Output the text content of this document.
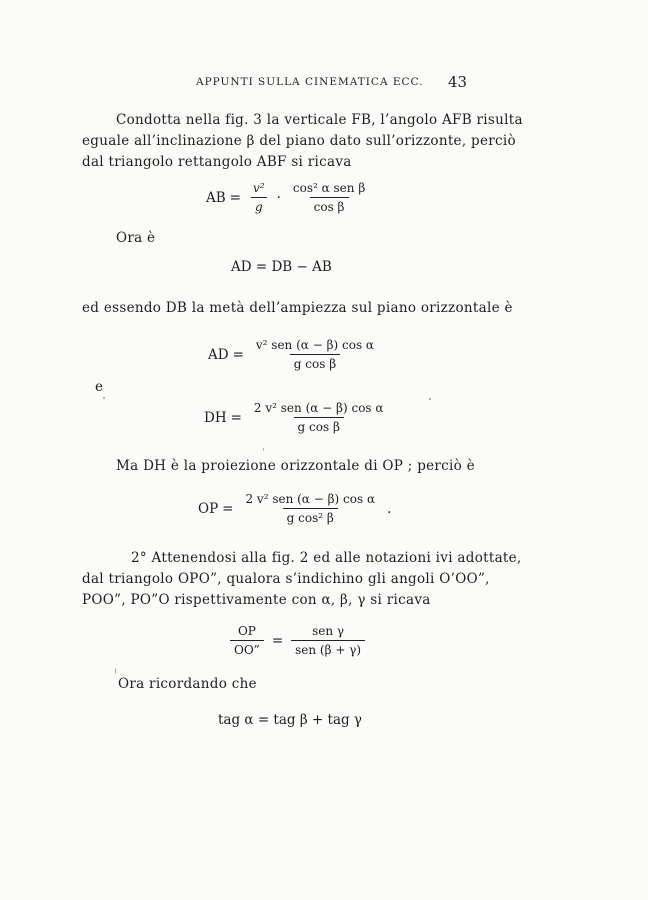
APPUNTI SULLA CINEMATICA ECC. 43
Condotta nella fig. 3 la verticale FB, l’angolo AFB risulta
eguale all’inclinazione β del piano dato sull’orizzonte, perciò
dal triangolo rettangolo ABF si ricava
AB = $\frac{\text{v²}}{g} \cdot \frac{\text{cos² α sen β}}{\text{cos β}}$
Ora è
AD = DB − AB
ed essendo DB la metà dell’ampiezza sul piano orizzontale è
AD = $\frac{\text{v² sen (α − β) cos α}}{\text{g cos β}}$
e
DH = $\frac{\text{2 v² sen (α − β) cos α}}{\text{g cos β}}$
Ma DH è la proiezione orizzontale di OP ; perciò è
OP = $\frac{\text{2 v² sen (α − β) cos α}}{\text{g cos² β}}$ .
2° Attenendosi alla fig. 2 ed alle notazioni ivi adottate,
dal triangolo OPO”, qualora s’indichino gli angoli O’OO”,
POO”, PO”O rispettivamente con α, β, γ si ricava
$\frac{OP}{OO”} = \frac{\text{sen γ}}{\text{sen (β + γ)}}$
Ora ricordando che
tag α = tag β + tag γ
